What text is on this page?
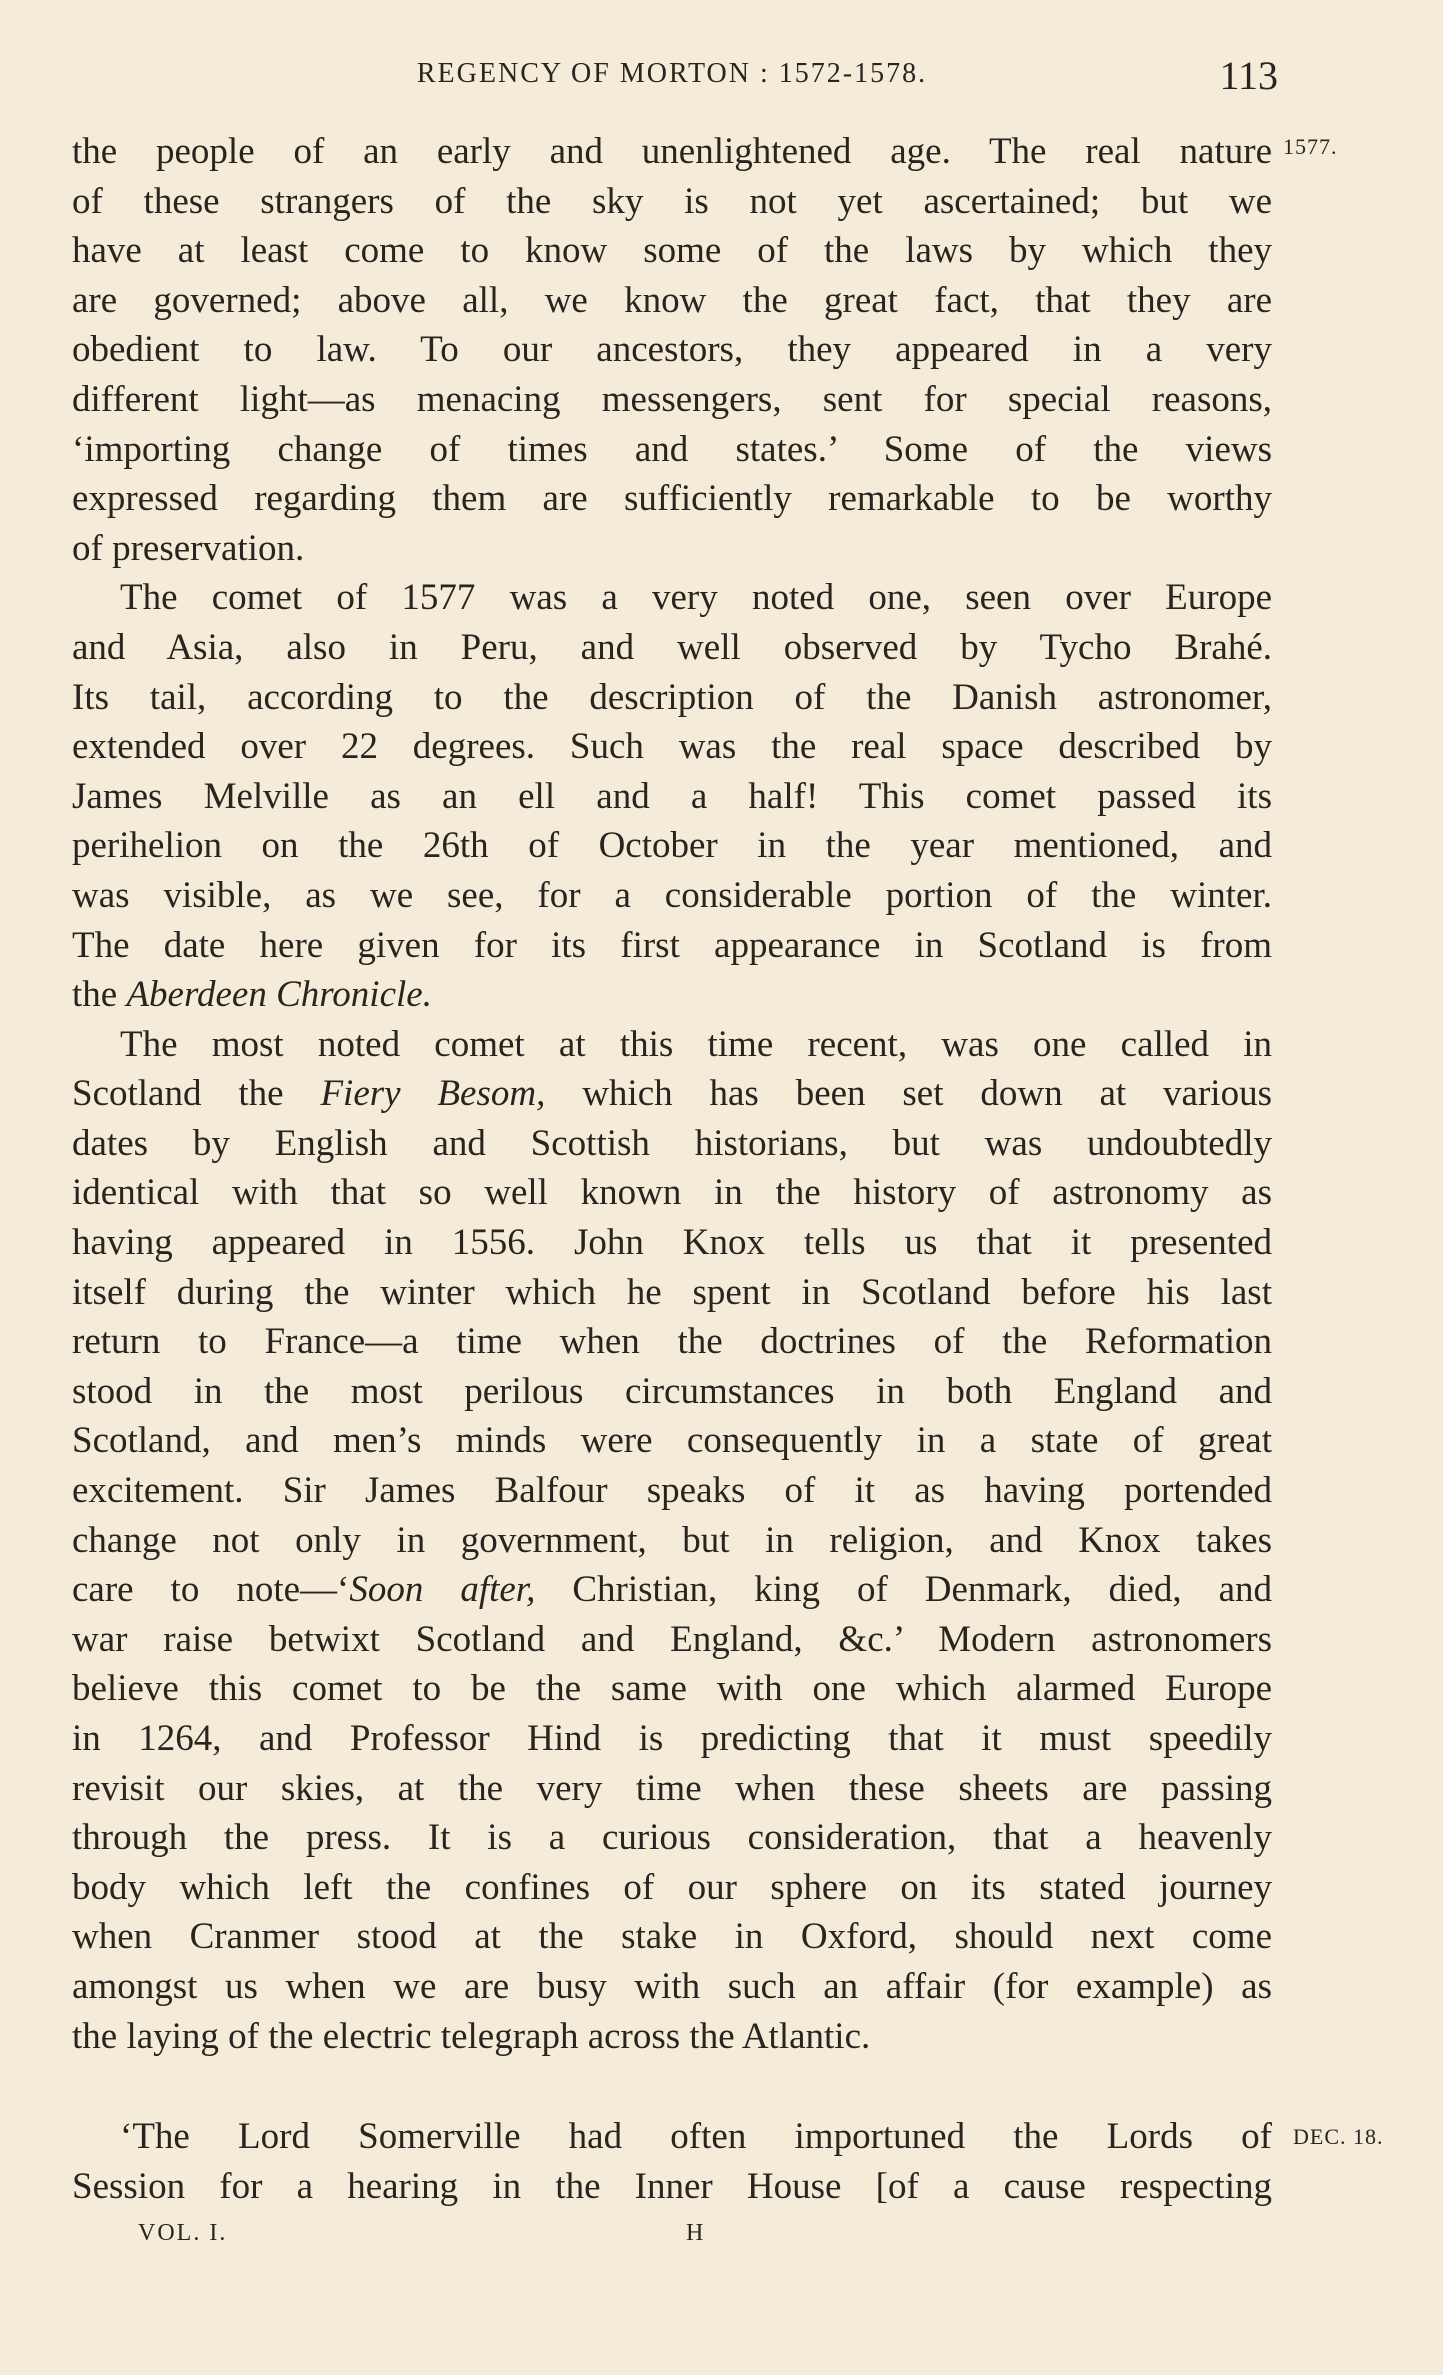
REGENCY OF MORTON : 1572-1578.	113
1577.
DEC. 18.
the people of an early and unenlightened age. The real nature
of these strangers of the sky is not yet ascertained; but we
have at least come to know some of the laws by which they
are governed; above all, we know the great fact, that they are
obedient to law. To our ancestors, they appeared in a very
different light—as menacing messengers, sent for special reasons,
‘importing change of times and states.’ Some of the views
expressed regarding them are sufficiently remarkable to be worthy
of preservation.
The comet of 1577 was a very noted one, seen over Europe
and Asia, also in Peru, and well observed by Tycho Brahé.
Its tail, according to the description of the Danish astronomer,
extended over 22 degrees. Such was the real space described by
James Melville as an ell and a half! This comet passed its
perihelion on the 26th of October in the year mentioned, and
was visible, as we see, for a considerable portion of the winter.
The date here given for its first appearance in Scotland is from
the Aberdeen Chronicle.
The most noted comet at this time recent, was one called in
Scotland the Fiery Besom, which has been set down at various
dates by English and Scottish historians, but was undoubtedly
identical with that so well known in the history of astronomy as
having appeared in 1556. John Knox tells us that it presented
itself during the winter which he spent in Scotland before his last
return to France—a time when the doctrines of the Reformation
stood in the most perilous circumstances in both England and
Scotland, and men’s minds were consequently in a state of great
excitement. Sir James Balfour speaks of it as having portended
change not only in government, but in religion, and Knox takes
care to note—‘Soon after, Christian, king of Denmark, died, and
war raise betwixt Scotland and England, &c.’ Modern astronomers
believe this comet to be the same with one which alarmed Europe
in 1264, and Professor Hind is predicting that it must speedily
revisit our skies, at the very time when these sheets are passing
through the press. It is a curious consideration, that a heavenly
body which left the confines of our sphere on its stated journey
when Cranmer stood at the stake in Oxford, should next come
amongst us when we are busy with such an affair (for example) as
the laying of the electric telegraph across the Atlantic.
‘The Lord Somerville had often importuned the Lords of
Session for a hearing in the Inner House [of a cause respecting
VOL. I.	H
